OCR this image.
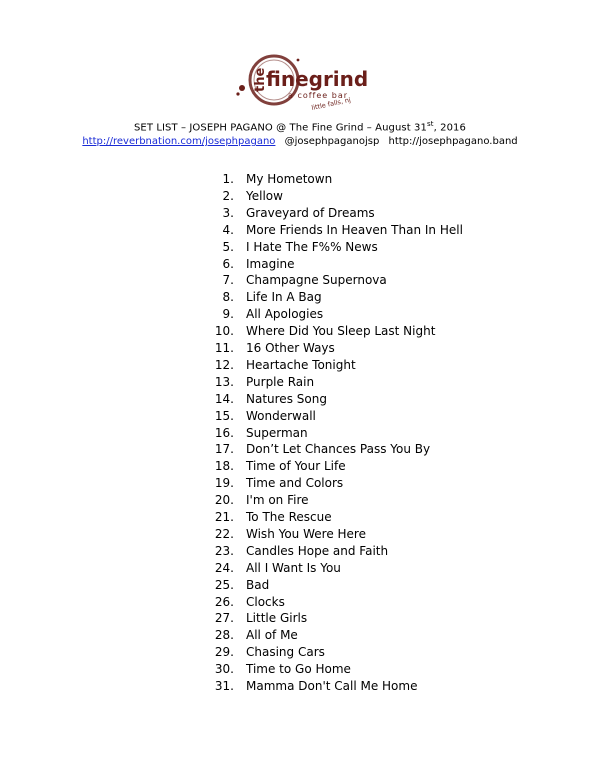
the
finegrind
a coffee bar
little falls, nj
SET LIST – JOSEPH PAGANO @ The Fine Grind – August 31st, 2016
http://reverbnation.com/josephpagano @josephpaganojsp http://josephpagano.band
1. My Hometown
2. Yellow
3. Graveyard of Dreams
4. More Friends In Heaven Than In Hell
5. I Hate The F%% News
6. Imagine
7. Champagne Supernova
8. Life In A Bag
9. All Apologies
10. Where Did You Sleep Last Night
11. 16 Other Ways
12. Heartache Tonight
13. Purple Rain
14. Natures Song
15. Wonderwall
16. Superman
17. Don’t Let Chances Pass You By
18. Time of Your Life
19. Time and Colors
20. I'm on Fire
21. To The Rescue
22. Wish You Were Here
23. Candles Hope and Faith
24. All I Want Is You
25. Bad
26. Clocks
27. Little Girls
28. All of Me
29. Chasing Cars
30. Time to Go Home
31. Mamma Don't Call Me Home
